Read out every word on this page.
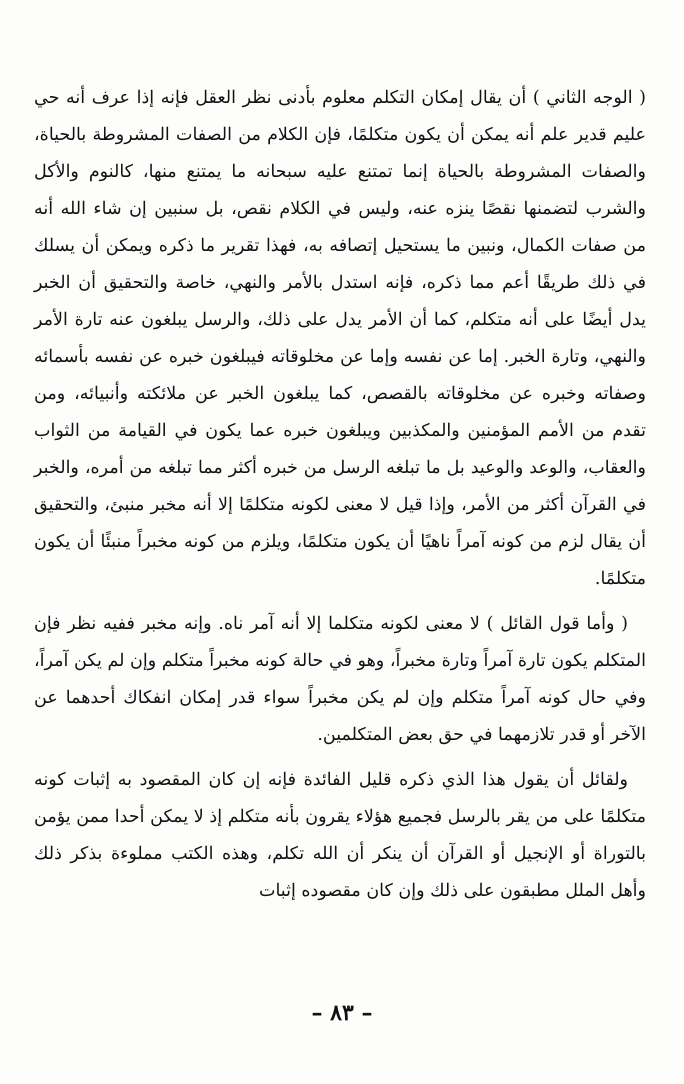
( الوجه الثاني ) أن يقال إمكان التكلم معلوم بأدنى نظر العقل فإنه إذا عرف أنه حي عليم قدير علم أنه يمكن أن يكون متكلمًا، فإن الكلام من الصفات المشروطة بالحياة، والصفات المشروطة بالحياة إنما تمتنع عليه سبحانه ما يمتنع منها، كالنوم والأكل والشرب لتضمنها نقصًا ينزه عنه، وليس في الكلام نقص، بل سنبين إن شاء الله أنه من صفات الكمال، ونبين ما يستحيل إتصافه به، فهذا تقرير ما ذكره ويمكن أن يسلك في ذلك طريقًا أعم مما ذكره، فإنه استدل بالأمر والنهي، خاصة والتحقيق أن الخبر يدل أيضًا على أنه متكلم، كما أن الأمر يدل على ذلك، والرسل يبلغون عنه تارة الأمر والنهي، وتارة الخبر. إما عن نفسه وإما عن مخلوقاته فيبلغون خبره عن نفسه بأسمائه وصفاته وخبره عن مخلوقاته بالقصص، كما يبلغون الخبر عن ملائكته وأنبيائه، ومن تقدم من الأمم المؤمنين والمكذبين ويبلغون خبره عما يكون في القيامة من الثواب والعقاب، والوعد والوعيد بل ما تبلغه الرسل من خبره أكثر مما تبلغه من أمره، والخبر في القرآن أكثر من الأمر، وإذا قيل لا معنى لكونه متكلمًا إلا أنه مخبر منبئ، والتحقيق أن يقال لزم من كونه آمراً ناهيًا أن يكون متكلمًا، ويلزم من كونه مخبراً منبئًا أن يكون متكلمًا.

( وأما قول القائل ) لا معنى لكونه متكلما إلا أنه آمر ناه. وإنه مخبر ففيه نظر فإن المتكلم يكون تارة آمراً وتارة مخبراً، وهو في حالة كونه مخبراً متكلم وإن لم يكن آمراً، وفي حال كونه آمراً متكلم وإن لم يكن مخبراً سواء قدر إمكان انفكاك أحدهما عن الآخر أو قدر تلازمهما في حق بعض المتكلمين.

ولقائل أن يقول هذا الذي ذكره قليل الفائدة فإنه إن كان المقصود به إثبات كونه متكلمًا على من يقر بالرسل فجميع هؤلاء يقرون بأنه متكلم إذ لا يمكن أحدا ممن يؤمن بالتوراة أو الإنجيل أو القرآن أن ينكر أن الله تكلم، وهذه الكتب مملوءة بذكر ذلك وأهل الملل مطبقون على ذلك وإن كان مقصوده إثبات

– ٨٣ –
